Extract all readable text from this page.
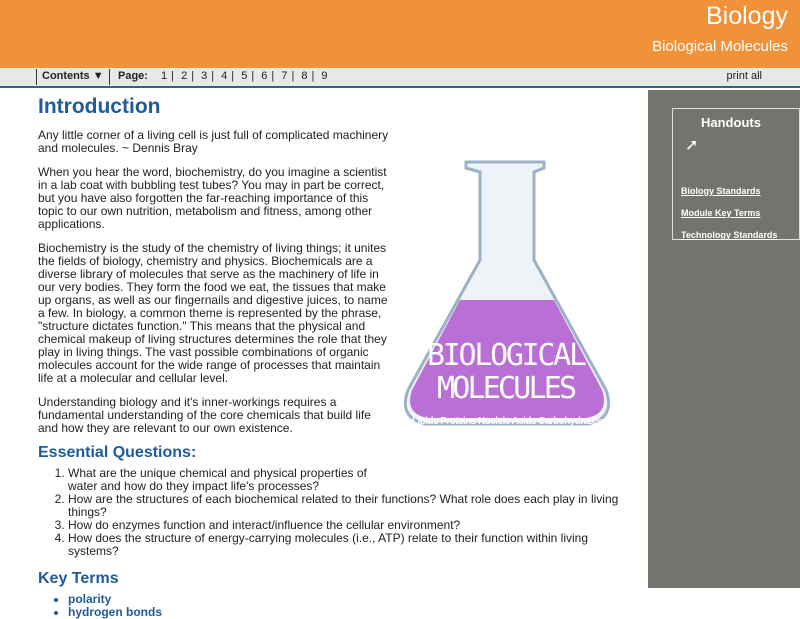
Biology
Biological Molecules
Contents ▼	Page: 1 | 2 | 3 | 4 | 5 | 6 | 7 | 8 | 9	print all
Handouts
➚
Biology Standards
Module Key Terms
Technology Standards
BIOLOGICAL
MOLECULES
Lipids Proteins Nucleic Acids Carbohydrates
Introduction

Any little corner of a living cell is just full of complicated machinery and molecules. ~ Dennis Bray

When you hear the word, biochemistry, do you imagine a scientist in a lab coat with bubbling test tubes? You may in part be correct, but you have also forgotten the far-reaching importance of this topic to our own nutrition, metabolism and fitness, among other applications.

Biochemistry is the study of the chemistry of living things; it unites the fields of biology, chemistry and physics. Biochemicals are a diverse library of molecules that serve as the machinery of life in our very bodies. They form the food we eat, the tissues that make up organs, as well as our fingernails and digestive juices, to name a few. In biology, a common theme is represented by the phrase, "structure dictates function." This means that the physical and chemical makeup of living structures determines the role that they play in living things. The vast possible combinations of organic molecules account for the wide range of processes that maintain life at a molecular and cellular level.

Understanding biology and it's inner-workings requires a fundamental understanding of the core chemicals that build life and how they are relevant to our own existence.

Essential Questions:
1. What are the unique chemical and physical properties of water and how do they impact life's processes?
2. How are the structures of each biochemical related to their functions? What role does each play in living things?
3. How do enzymes function and interact/influence the cellular environment?
4. How does the structure of energy-carrying molecules (i.e., ATP) relate to their function within living systems?
Key Terms
• polarity
• hydrogen bonds
